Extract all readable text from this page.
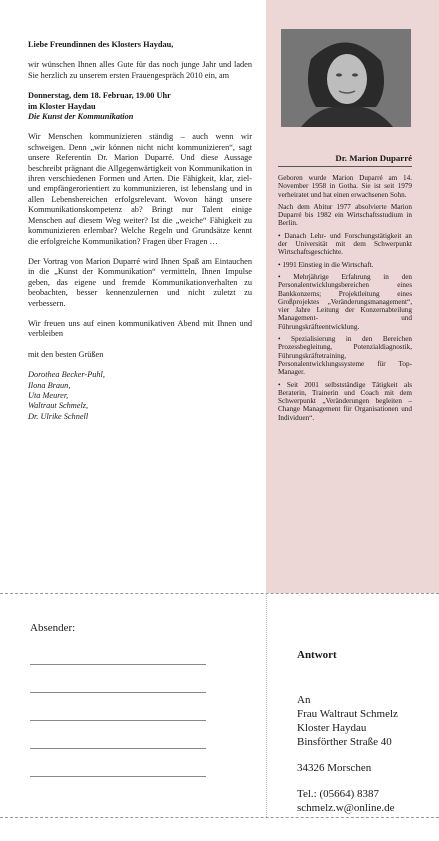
Liebe Freundinnen des Klosters Haydau,

wir wünschen Ihnen alles Gute für das noch junge Jahr und laden Sie herzlich zu unserem ersten Frauengespräch 2010 ein, am

Donnerstag, dem 18. Februar, 19.00 Uhr
im Kloster Haydau
Die Kunst der Kommunikation

Wir Menschen kommunizieren ständig – auch wenn wir schweigen. Denn „wir können nicht nicht kommunizieren“, sagt unsere Referentin Dr. Marion Duparré. Und diese Aussage beschreibt prägnant die Allgegenwärtigkeit von Kommunikation in ihren verschiedenen Formen und Arten. Die Fähigkeit, klar, ziel- und empfängerorientiert zu kommunizieren, ist lebenslang und in allen Lebensbereichen erfolgsrelevant. Wovon hängt unsere Kommunikationskompetenz ab? Bringt nur Talent einige Menschen auf diesem Weg weiter? Ist die „weiche“ Fähigkeit zu kommunizieren erlernbar? Welche Regeln und Grundsätze kennt die erfolgreiche Kommunikation? Fragen über Fragen …

Der Vortrag von Marion Duparré wird Ihnen Spaß am Eintauchen in die „Kunst der Kommunikation“ vermitteln, Ihnen Impulse geben, das eigene und fremde Kommunikationverhalten zu beobachten, besser kennenzulernen und nicht zuletzt zu verbessern.

Wir freuen uns auf einen kommunikativen Abend mit Ihnen und verbleiben

mit den besten Grüßen

Dorothea Becker-Puhl,
Ilona Braun,
Uta Meurer,
Waltraut Schmelz,
Dr. Ulrike Schnell
Dr. Marion Duparré

Geboren wurde Marion Duparré am 14. November 1958 in Gotha. Sie ist seit 1979 verheiratet und hat einen erwachsenen Sohn.

Nach dem Abitur 1977 absolvierte Marion Duparré bis 1982 ein Wirtschaftsstudium in Berlin.

• Danach Lehr- und Forschungstätigkeit an der Universität mit dem Schwerpunkt Wirtschaftsgeschichte.

• 1991 Einstieg in die Wirtschaft.

• Mehrjährige Erfahrung in den Personalentwicklungsbereichen eines Bankkonzerns; Projektleitung eines Großprojektes „Veränderungsmanagement“, vier Jahre Leitung der Konzernabteilung Management- und Führungskräfteentwicklung.

• Spezialisierung in den Bereichen Prozessbegleitung, Potenzialdiagnostik, Führungskräftetraining, Personalentwicklungssysteme für Top-Manager.

• Seit 2001 selbstständige Tätigkeit als Beraterin, Trainerin und Coach mit dem Schwerpunkt „Veränderungen begleiten – Change Management für Organisationen und Individuen“.

Absender:
Antwort
An
Frau Waltraut Schmelz
Kloster Haydau
Binsförther Straße 40
34326 Morschen
Tel.: (05664) 8387
schmelz.w@online.de
